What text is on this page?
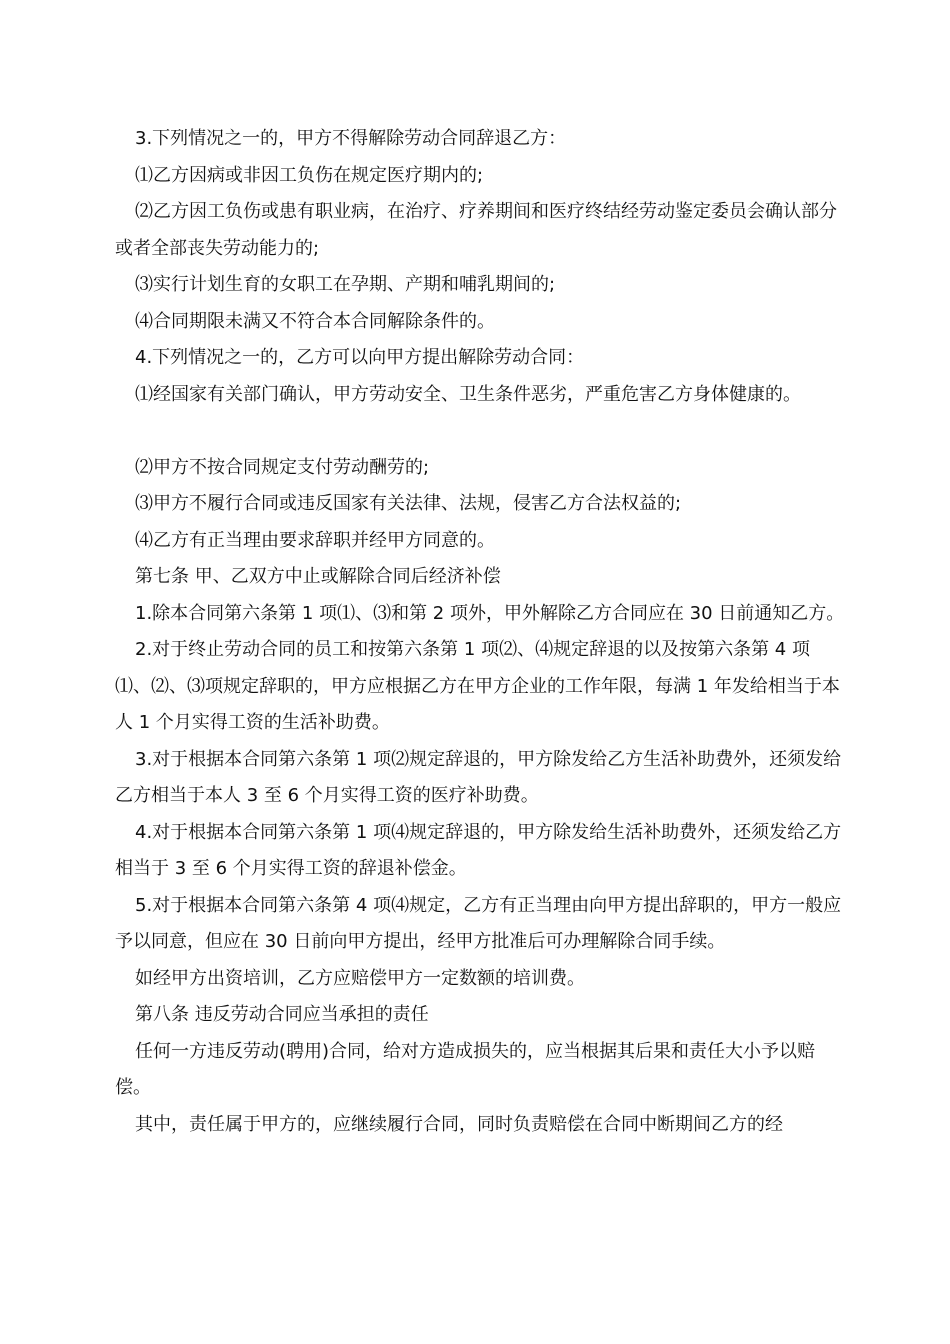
3.下列情况之一的，甲方不得解除劳动合同辞退乙方：

⑴乙方因病或非因工负伤在规定医疗期内的;

⑵乙方因工负伤或患有职业病，在治疗、疗养期间和医疗终结经劳动鉴定委员会确认部分或者全部丧失劳动能力的;

⑶实行计划生育的女职工在孕期、产期和哺乳期间的;

⑷合同期限未满又不符合本合同解除条件的。

4.下列情况之一的，乙方可以向甲方提出解除劳动合同：

⑴经国家有关部门确认，甲方劳动安全、卫生条件恶劣，严重危害乙方身体健康的。

⑵甲方不按合同规定支付劳动酬劳的;

⑶甲方不履行合同或违反国家有关法律、法规，侵害乙方合法权益的;

⑷乙方有正当理由要求辞职并经甲方同意的。

第七条 甲、乙双方中止或解除合同后经济补偿

1.除本合同第六条第 1 项⑴、⑶和第 2 项外，甲外解除乙方合同应在 30 日前通知乙方。

2.对于终止劳动合同的员工和按第六条第 1 项⑵、⑷规定辞退的以及按第六条第 4 项⑴、⑵、⑶项规定辞职的，甲方应根据乙方在甲方企业的工作年限，每满 1 年发给相当于本人 1 个月实得工资的生活补助费。

3.对于根据本合同第六条第 1 项⑵规定辞退的，甲方除发给乙方生活补助费外，还须发给乙方相当于本人 3 至 6 个月实得工资的医疗补助费。

4.对于根据本合同第六条第 1 项⑷规定辞退的，甲方除发给生活补助费外，还须发给乙方相当于 3 至 6 个月实得工资的辞退补偿金。

5.对于根据本合同第六条第 4 项⑷规定，乙方有正当理由向甲方提出辞职的，甲方一般应予以同意，但应在 30 日前向甲方提出，经甲方批准后可办理解除合同手续。

如经甲方出资培训，乙方应赔偿甲方一定数额的培训费。

第八条 违反劳动合同应当承担的责任

任何一方违反劳动(聘用)合同，给对方造成损失的，应当根据其后果和责任大小予以赔偿。

其中，责任属于甲方的，应继续履行合同，同时负责赔偿在合同中断期间乙方的经
